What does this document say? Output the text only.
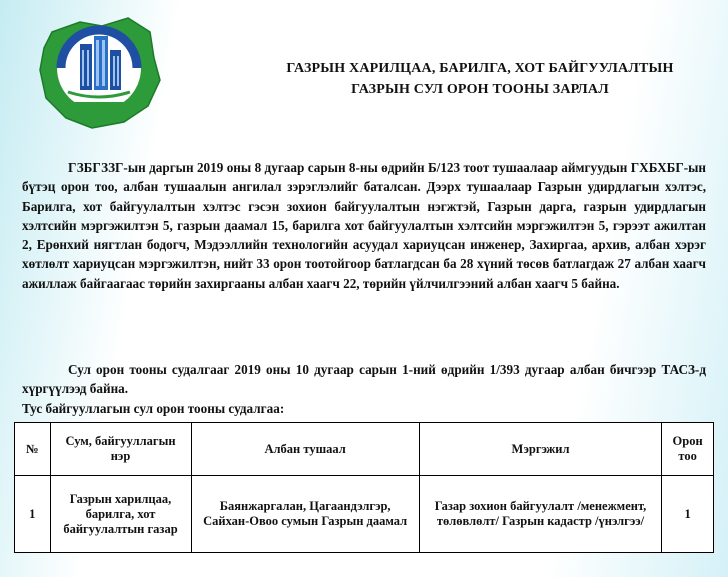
ГАЗРЫН ХАРИЛЦАА, БАРИЛГА, ХОТ БАЙГУУЛАЛТЫН
ГАЗРЫН СУЛ ОРОН ТООНЫ ЗАРЛАЛ
ГЗБГЗЗГ-ын даргын 2019 оны 8 дугаар сарын 8-ны өдрийн Б/123 тоот тушаалаар аймгуудын ГХБХБГ-ын бүтэц орон тоо, албан тушаалын ангилал зэрэглэлийг баталсан. Дээрх тушаалаар Газрын удирдлагын хэлтэс, Барилга, хот байгуулалтын хэлтэс гэсэн зохион байгуулалтын нэгжтэй, Газрын дарга, газрын удирдлагын хэлтсийн мэргэжилтэн 5, газрын даамал 15, барилга хот байгуулалтын хэлтсийн мэргэжилтэн 5, гэрээт ажилтан 2, Ерөнхий нягтлан бодогч, Мэдээллийн технологийн асуудал хариуцсан инженер, Захиргаа, архив, албан хэрэг хөтлөлт хариуцсан мэргэжилтэн, нийт 33 орон тоотойгоор батлагдсан ба 28 хүний төсөв батлагдаж 27 албан хаагч ажиллаж байгаагаас төрийн захиргааны албан хаагч 22, төрийн үйлчилгээний албан хаагч 5 байна.
Сул орон тооны судалгааг 2019 оны 10 дугаар сарын 1-ний өдрийн 1/393 дугаар албан бичгээр ТАСЗ-д хүргүүлээд байна.
Тус байгууллагын сул орон тооны судалгаа:
№	Сум, байгууллагын нэр	Албан тушаал	Мэргэжил	Орон тоо
1	Газрын харилцаа, барилга, хот байгуулалтын газар	Баянжаргалан, Цагаандэлгэр, Сайхан-Овоо сумын Газрын даамал	Газар зохион байгуулалт /менежмент, төлөвлөлт/ Газрын кадастр /үнэлгээ/	1
